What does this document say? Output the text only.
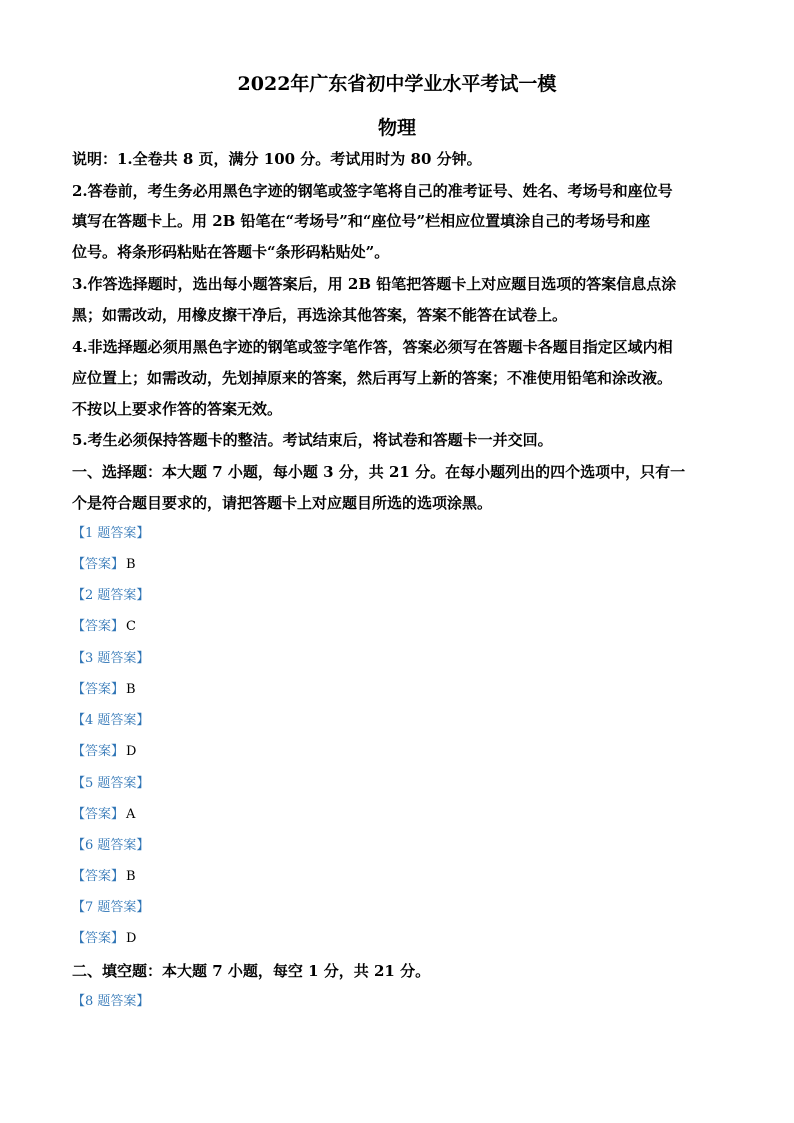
2022年广东省初中学业水平考试一模
物理
说明：1.全卷共 8 页，满分 100 分。考试用时为 80 分钟。
2.答卷前，考生务必用黑色字迹的钢笔或签字笔将自己的准考证号、姓名、考场号和座位号
填写在答题卡上。用 2B 铅笔在“考场号”和“座位号”栏相应位置填涂自己的考场号和座
位号。将条形码粘贴在答题卡“条形码粘贴处”。
3.作答选择题时，选出每小题答案后，用 2B 铅笔把答题卡上对应题目选项的答案信息点涂
黑；如需改动，用橡皮擦干净后，再选涂其他答案，答案不能答在试卷上。
4.非选择题必须用黑色字迹的钢笔或签字笔作答，答案必须写在答题卡各题目指定区域内相
应位置上；如需改动，先划掉原来的答案，然后再写上新的答案；不准使用铅笔和涂改液。
不按以上要求作答的答案无效。
5.考生必须保持答题卡的整洁。考试结束后，将试卷和答题卡一并交回。
一、选择题：本大题 7 小题，每小题 3 分，共 21 分。在每小题列出的四个选项中，只有一
个是符合题目要求的，请把答题卡上对应题目所选的选项涂黑。
【1 题答案】
【答案】 B
【2 题答案】
【答案】 C
【3 题答案】
【答案】 B
【4 题答案】
【答案】 D
【5 题答案】
【答案】 A
【6 题答案】
【答案】 B
【7 题答案】
【答案】 D
二、填空题：本大题 7 小题，每空 1 分，共 21 分。
【8 题答案】
